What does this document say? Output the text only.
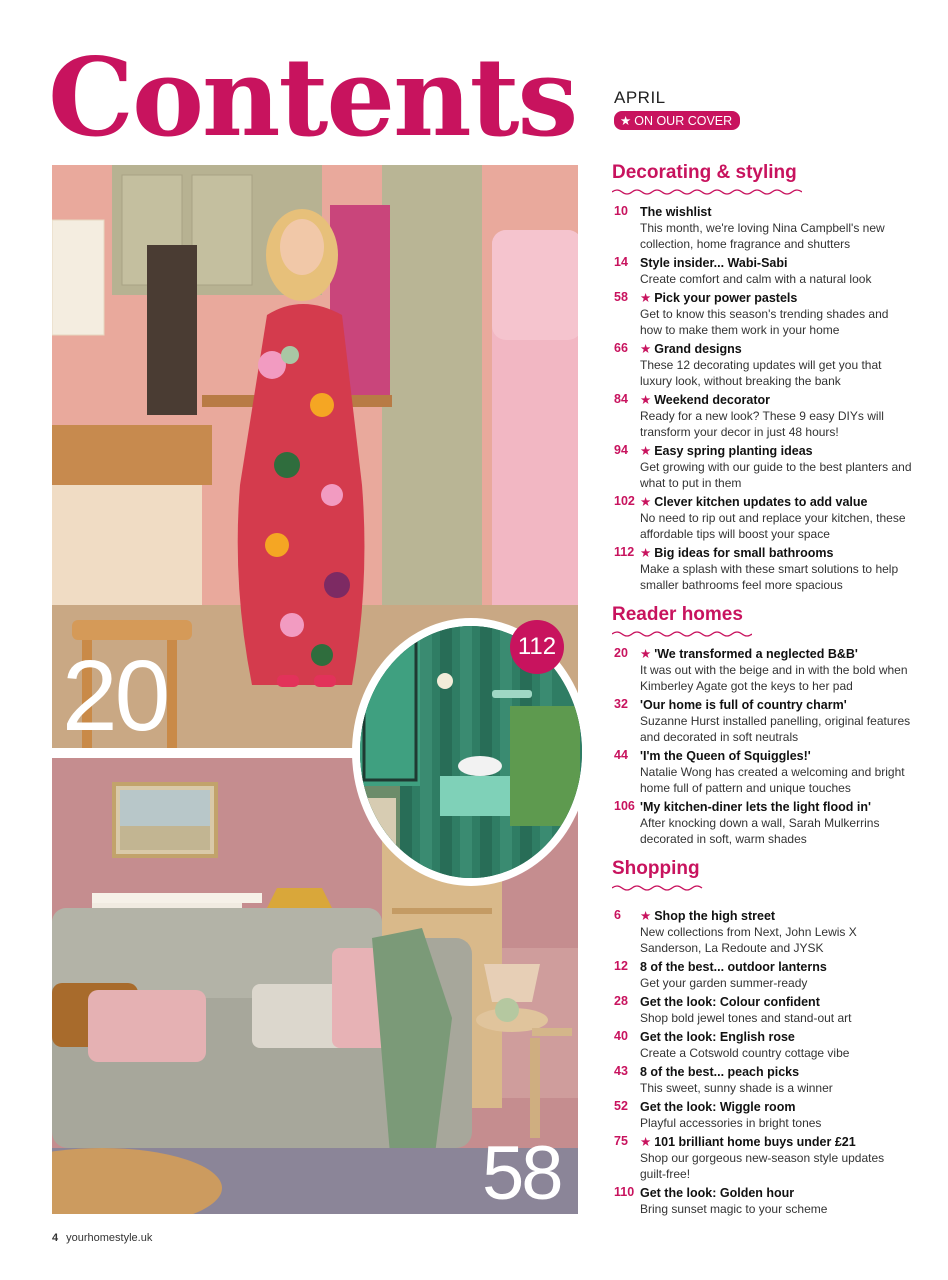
Contents	APRIL
★ ON OUR COVER
20
58
112
Decorating & styling
10 The wishlist
This month, we're loving Nina Campbell's new collection, home fragrance and shutters
14 Style insider... Wabi-Sabi
Create comfort and calm with a natural look
58 ★ Pick your power pastels
Get to know this season's trending shades and how to make them work in your home
66 ★ Grand designs
These 12 decorating updates will get you that luxury look, without breaking the bank
84 ★ Weekend decorator
Ready for a new look? These 9 easy DIYs will transform your decor in just 48 hours!
94 ★ Easy spring planting ideas
Get growing with our guide to the best planters and what to put in them
102 ★ Clever kitchen updates to add value
No need to rip out and replace your kitchen, these affordable tips will boost your space
112 ★ Big ideas for small bathrooms
Make a splash with these smart solutions to help smaller bathrooms feel more spacious
Reader homes
20 ★ 'We transformed a neglected B&B'
It was out with the beige and in with the bold when Kimberley Agate got the keys to her pad
32 'Our home is full of country charm'
Suzanne Hurst installed panelling, original features and decorated in soft neutrals
44 'I'm the Queen of Squiggles!'
Natalie Wong has created a welcoming and bright home full of pattern and unique touches
106 'My kitchen-diner lets the light flood in'
After knocking down a wall, Sarah Mulkerrins decorated in soft, warm shades
Shopping
6 ★ Shop the high street
New collections from Next, John Lewis X Sanderson, La Redoute and JYSK
12 8 of the best... outdoor lanterns
Get your garden summer-ready
28 Get the look: Colour confident
Shop bold jewel tones and stand-out art
40 Get the look: English rose
Create a Cotswold country cottage vibe
43 8 of the best... peach picks
This sweet, sunny shade is a winner
52 Get the look: Wiggle room
Playful accessories in bright tones
75 ★ 101 brilliant home buys under £21
Shop our gorgeous new-season style updates guilt-free!
110 Get the look: Golden hour
Bring sunset magic to your scheme
4 yourhomestyle.uk
